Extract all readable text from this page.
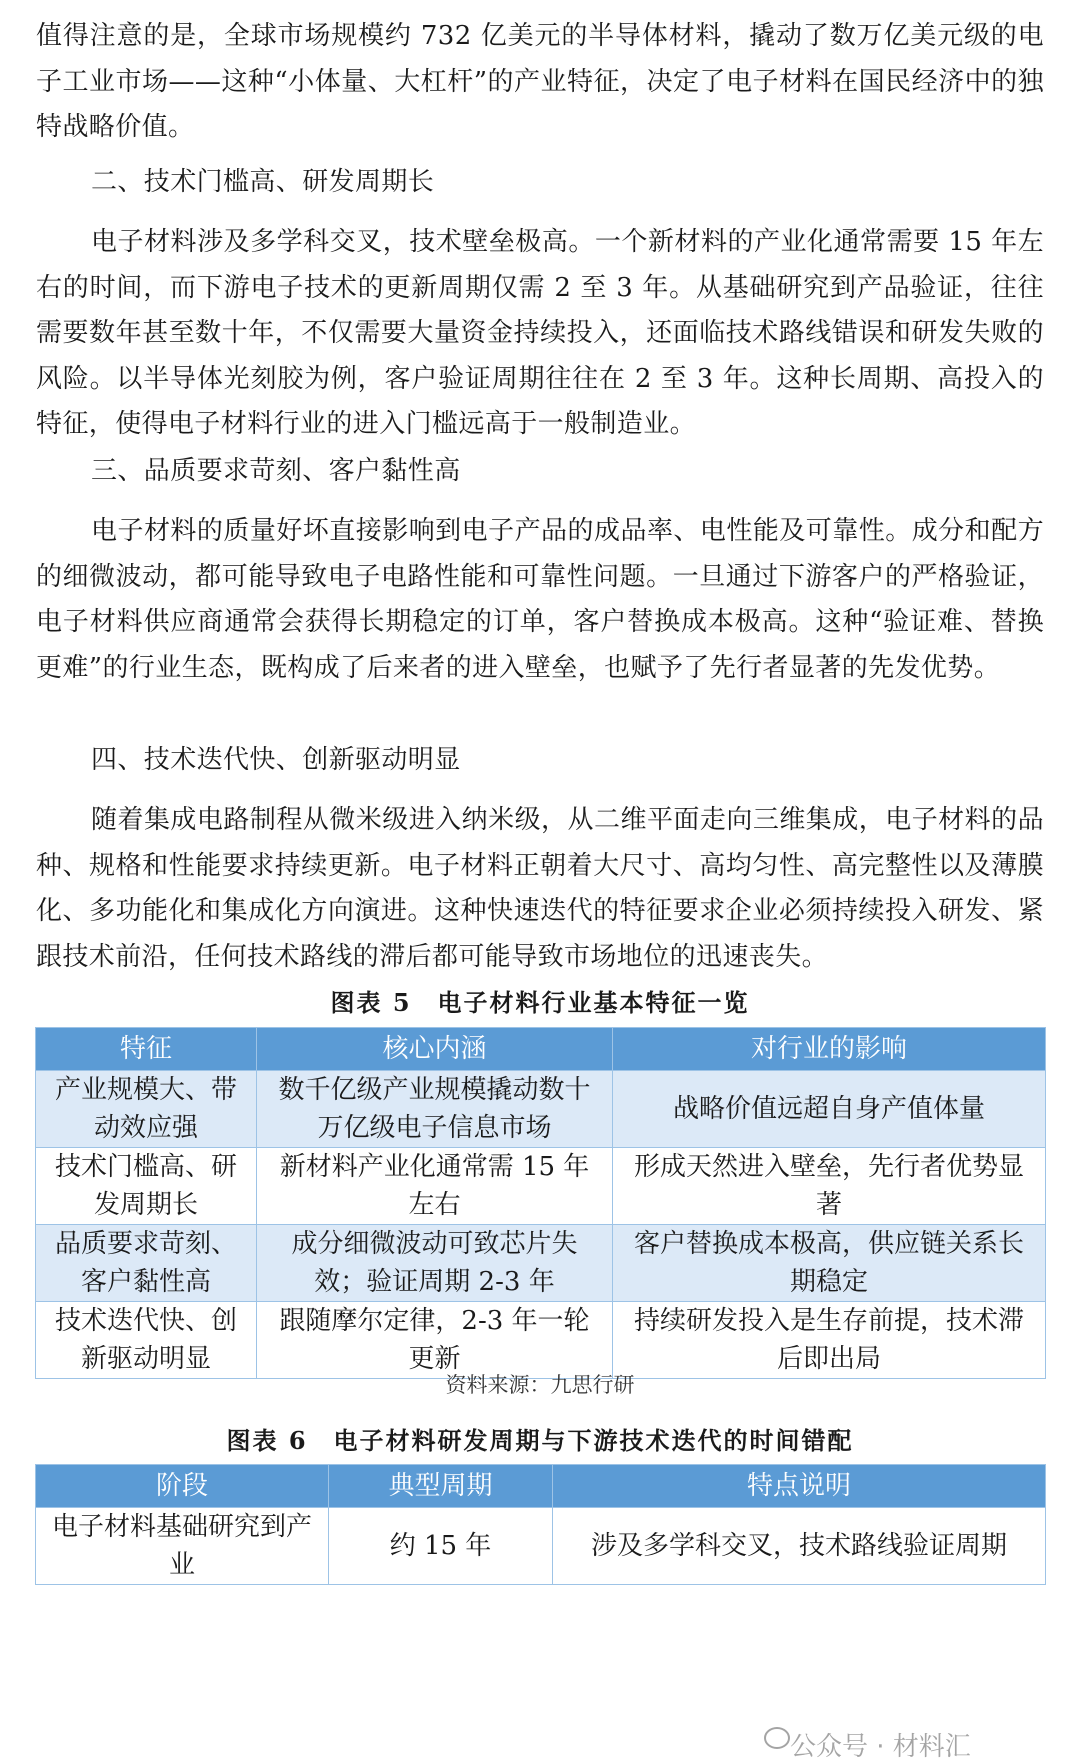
值得注意的是，全球市场规模约 732 亿美元的半导体材料，撬动了数万亿美元级的电子工业市场——这种“小体量、大杠杆”的产业特征，决定了电子材料在国民经济中的独特战略价值。

二、技术门槛高、研发周期长

电子材料涉及多学科交叉，技术壁垒极高。一个新材料的产业化通常需要 15 年左右的时间，而下游电子技术的更新周期仅需 2 至 3 年。从基础研究到产品验证，往往需要数年甚至数十年，不仅需要大量资金持续投入，还面临技术路线错误和研发失败的风险。以半导体光刻胶为例，客户验证周期往往在 2 至 3 年。这种长周期、高投入的特征，使得电子材料行业的进入门槛远高于一般制造业。

三、品质要求苛刻、客户黏性高

电子材料的质量好坏直接影响到电子产品的成品率、电性能及可靠性。成分和配方的细微波动，都可能导致电子电路性能和可靠性问题。一旦通过下游客户的严格验证，电子材料供应商通常会获得长期稳定的订单，客户替换成本极高。这种“验证难、替换更难”的行业生态，既构成了后来者的进入壁垒，也赋予了先行者显著的先发优势。

四、技术迭代快、创新驱动明显

随着集成电路制程从微米级进入纳米级，从二维平面走向三维集成，电子材料的品种、规格和性能要求持续更新。电子材料正朝着大尺寸、高均匀性、高完整性以及薄膜化、多功能化和集成化方向演进。这种快速迭代的特征要求企业必须持续投入研发、紧跟技术前沿，任何技术路线的滞后都可能导致市场地位的迅速丧失。

图表 5　电子材料行业基本特征一览

特征	核心内涵	对行业的影响
产业规模大、带动效应强	数千亿级产业规模撬动数十万亿级电子信息市场	战略价值远超自身产值体量
技术门槛高、研发周期长	新材料产业化通常需 15 年左右	形成天然进入壁垒，先行者优势显著
品质要求苛刻、客户黏性高	成分细微波动可致芯片失效；验证周期 2-3 年	客户替换成本极高，供应链关系长期稳定
技术迭代快、创新驱动明显	跟随摩尔定律，2-3 年一轮更新	持续研发投入是生存前提，技术滞后即出局

资料来源：九思行研

图表 6　电子材料研发周期与下游技术迭代的时间错配

阶段	典型周期	特点说明
电子材料基础研究到产业	约 15 年	涉及多学科交叉，技术路线验证周期
公众号 · 材料汇
